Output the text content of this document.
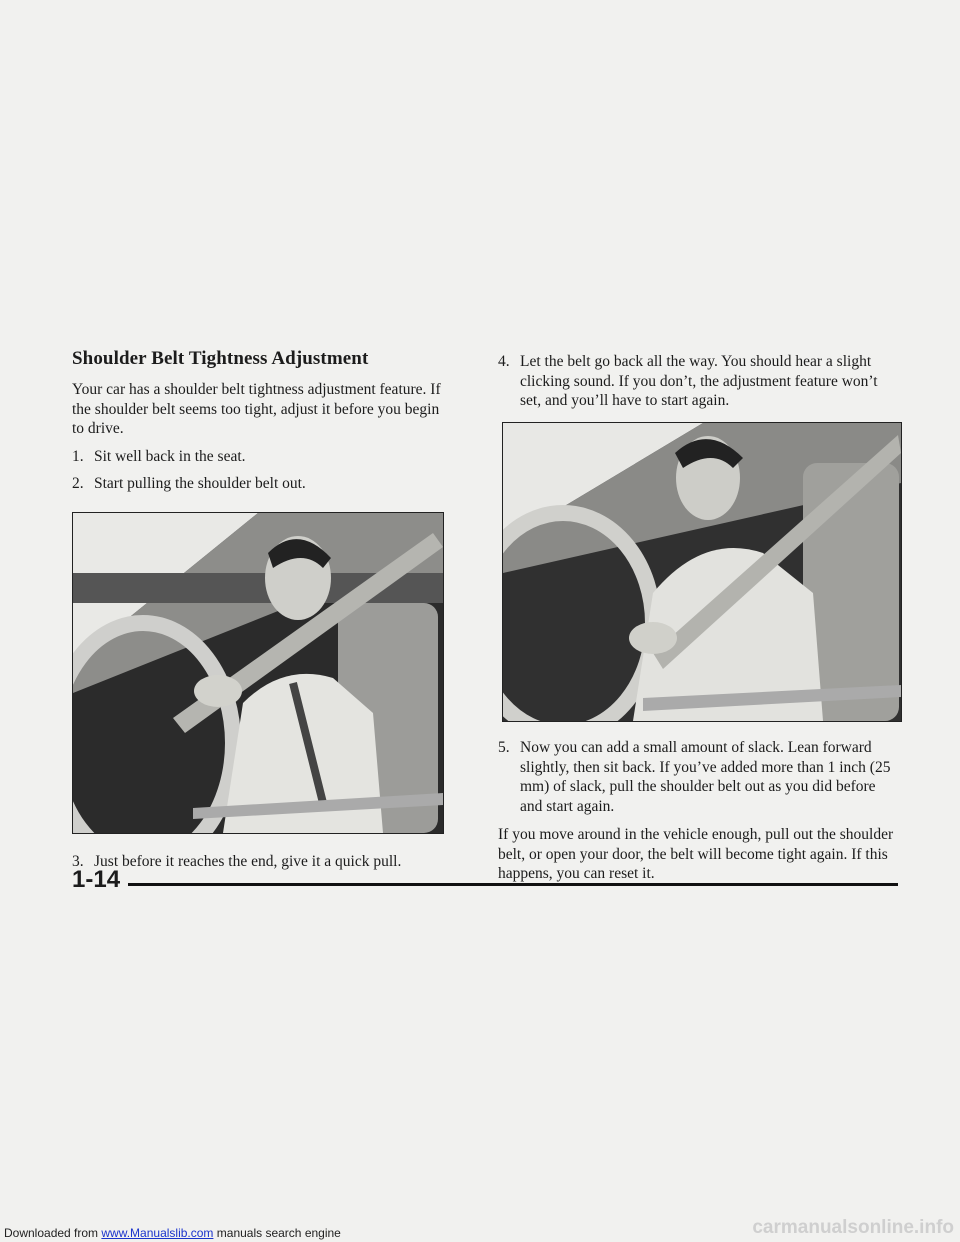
Shoulder Belt Tightness Adjustment

Your car has a shoulder belt tightness adjustment feature. If the shoulder belt seems too tight, adjust it before you begin to drive.

1. Sit well back in the seat.
2. Start pulling the shoulder belt out.
3. Just before it reaches the end, give it a quick pull.
4. Let the belt go back all the way. You should hear a slight clicking sound. If you don’t, the adjustment feature won’t set, and you’ll have to start again.
5. Now you can add a small amount of slack. Lean forward slightly, then sit back. If you’ve added more than 1 inch (25 mm) of slack, pull the shoulder belt out as you did before and start again.

If you move around in the vehicle enough, pull out the shoulder belt, or open your door, the belt will become tight again. If this happens, you can reset it.

1-14
Downloaded from www.Manualslib.com manuals search engine	carmanualsonline.info
